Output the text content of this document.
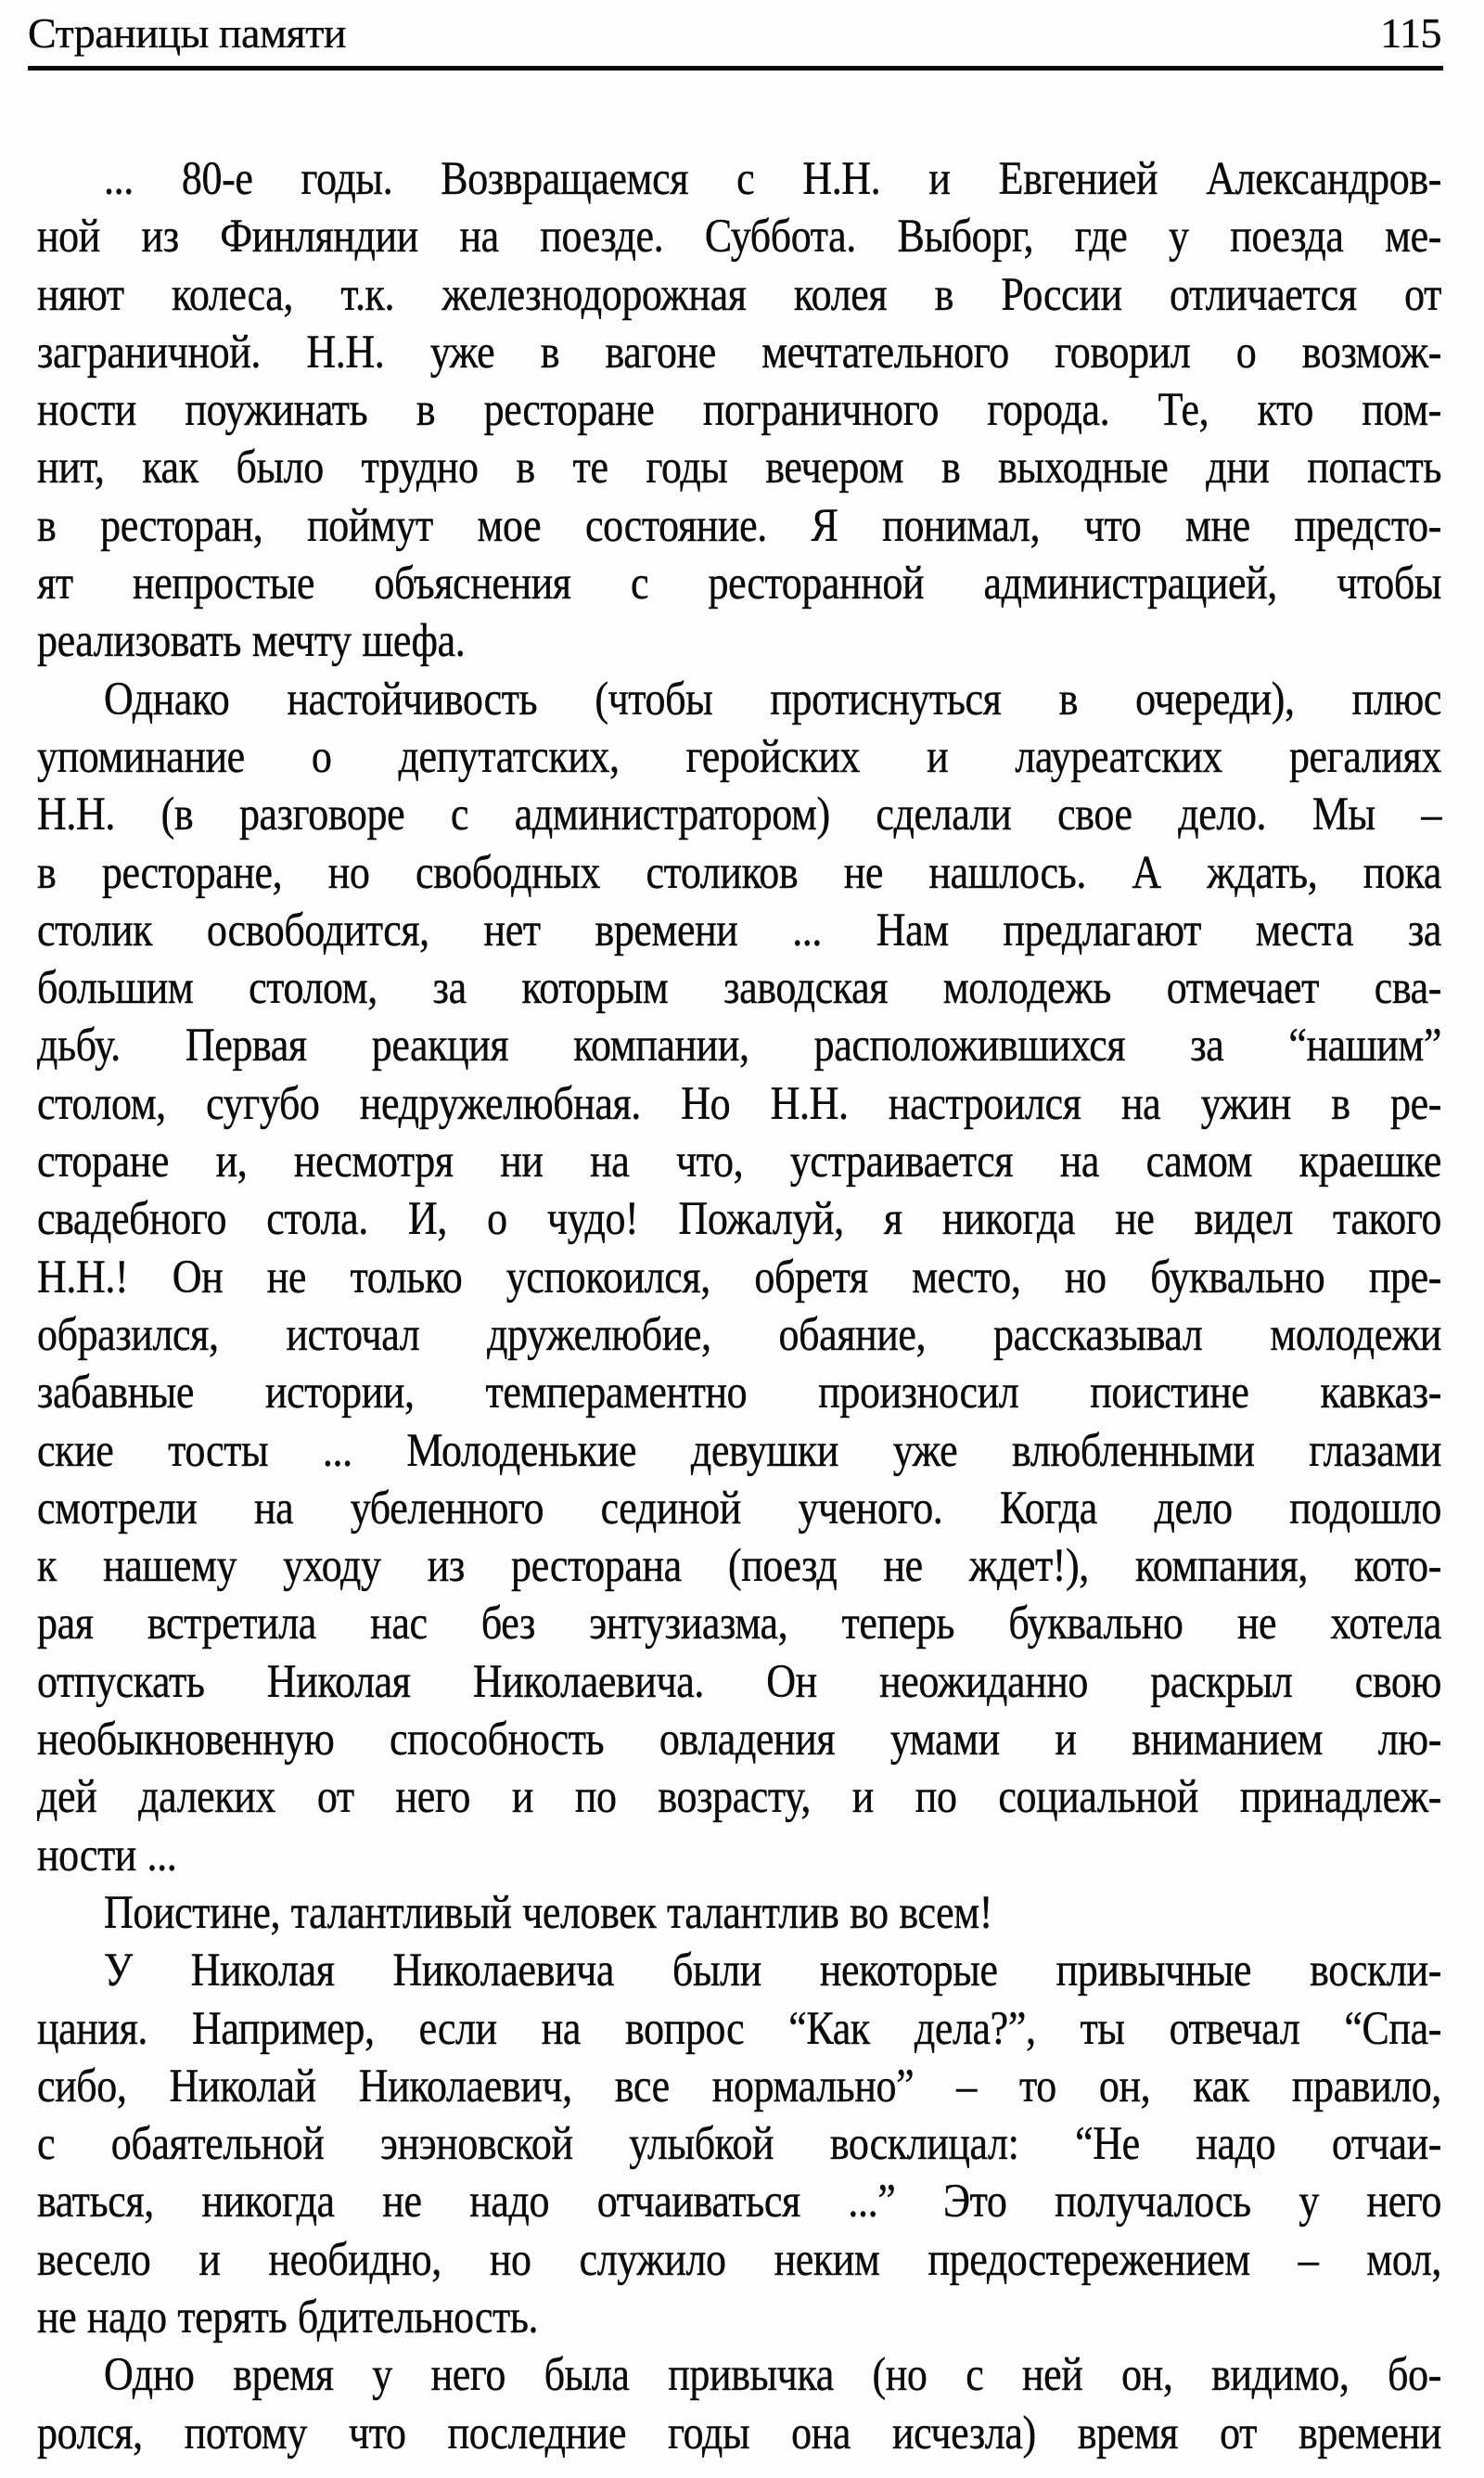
Страницы памяти	115
... 80-е годы. Возвращаемся с Н.Н. и Евгенией Александров-
ной из Финляндии на поезде. Суббота. Выборг, где у поезда ме-
няют колеса, т.к. железнодорожная колея в России отличается от
заграничной. Н.Н. уже в вагоне мечтательного говорил о возмож-
ности поужинать в ресторане пограничного города. Те, кто пом-
нит, как было трудно в те годы вечером в выходные дни попасть
в ресторан, поймут мое состояние. Я понимал, что мне предсто-
ят непростые объяснения с ресторанной администрацией, чтобы
реализовать мечту шефа.
Однако настойчивость (чтобы протиснуться в очереди), плюс
упоминание о депутатских, геройских и лауреатских регалиях
Н.Н. (в разговоре с администратором) сделали свое дело. Мы –
в ресторане, но свободных столиков не нашлось. А ждать, пока
столик освободится, нет времени ... Нам предлагают места за
большим столом, за которым заводская молодежь отмечает сва-
дьбу. Первая реакция компании, расположившихся за “нашим”
столом, сугубо недружелюбная. Но Н.Н. настроился на ужин в ре-
сторане и, несмотря ни на что, устраивается на самом краешке
свадебного стола. И, о чудо! Пожалуй, я никогда не видел такого
Н.Н.! Он не только успокоился, обретя место, но буквально пре-
образился, источал дружелюбие, обаяние, рассказывал молодежи
забавные истории, темпераментно произносил поистине кавказ-
ские тосты ... Молоденькие девушки уже влюбленными глазами
смотрели на убеленного сединой ученого. Когда дело подошло
к нашему уходу из ресторана (поезд не ждет!), компания, кото-
рая встретила нас без энтузиазма, теперь буквально не хотела
отпускать Николая Николаевича. Он неожиданно раскрыл свою
необыкновенную способность овладения умами и вниманием лю-
дей далеких от него и по возрасту, и по социальной принадлеж-
ности ...
Поистине, талантливый человек талантлив во всем!
У Николая Николаевича были некоторые привычные воскли-
цания. Например, если на вопрос “Как дела?”, ты отвечал “Спа-
сибо, Николай Николаевич, все нормально” – то он, как правило,
с обаятельной энэновской улыбкой восклицал: “Не надо отчаи-
ваться, никогда не надо отчаиваться ...” Это получалось у него
весело и необидно, но служило неким предостережением – мол,
не надо терять бдительность.
Одно время у него была привычка (но с ней он, видимо, бо-
ролся, потому что последние годы она исчезла) время от времени
